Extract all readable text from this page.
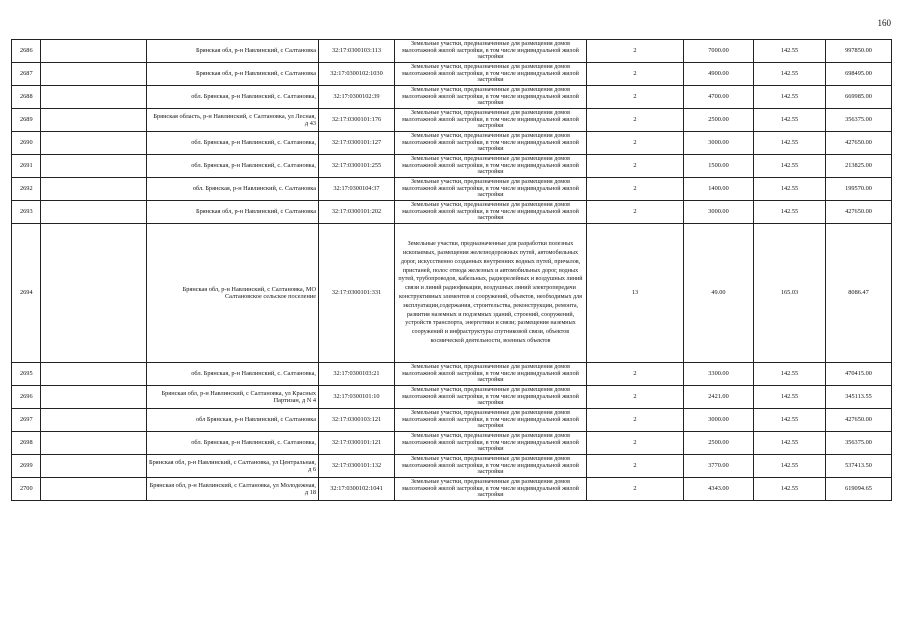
160
2686		Брянская обл, р-н Навлинский, с Салтановка	32:17:0300103:113	Земельные участки, предназначенные для размещения домов малоэтажной жилой застройки, в том числе индивидуальной жилой застройки	2	7000.00	142.55	997850.00
2687		Брянская обл, р-н Навлинский, с Салтановка	32:17:0300102:1030	Земельные участки, предназначенные для размещения домов малоэтажной жилой застройки, в том числе индивидуальной жилой застройки	2	4900.00	142.55	698495.00
2688		обл. Брянская, р-н Навлинский, с. Салтановка,	32:17:0300102:39	Земельные участки, предназначенные для размещения домов малоэтажной жилой застройки, в том числе индивидуальной жилой застройки	2	4700.00	142.55	669985.00
2689		Брянская область, р-н Навлинский, с Салтановка, ул Лесная, д 43	32:17:0300101:176	Земельные участки, предназначенные для размещения домов малоэтажной жилой застройки, в том числе индивидуальной жилой застройки	2	2500.00	142.55	356375.00
2690		обл. Брянская, р-н Навлинский, с. Салтановка,	32:17:0300101:127	Земельные участки, предназначенные для размещения домов малоэтажной жилой застройки, в том числе индивидуальной жилой застройки	2	3000.00	142.55	427650.00
2691		обл. Брянская, р-н Навлинский, с. Салтановка,	32:17:0300101:255	Земельные участки, предназначенные для размещения домов малоэтажной жилой застройки, в том числе индивидуальной жилой застройки	2	1500.00	142.55	213825.00
2692		обл. Брянская, р-н Навлинский, с. Салтановка	32:17:0300104:37	Земельные участки, предназначенные для размещения домов малоэтажной жилой застройки, в том числе индивидуальной жилой застройки	2	1400.00	142.55	199570.00
2693		Брянская обл, р-н Навлинский, с Салтановка	32:17:0300101:202	Земельные участки, предназначенные для размещения домов малоэтажной жилой застройки, в том числе индивидуальной жилой застройки	2	3000.00	142.55	427650.00
2694		Брянская обл, р-н Навлинский, с Салтановка, МО Салтановское сельское поселение	32:17:0300101:331	Земельные участки, предназначенные для разработки полезных ископаемых, размещения железнодорожных путей, автомобильных дорог, искусственно созданных внутренних водных путей, причалов, пристаней, полос отвода железных и автомобильных дорог, водных путей, трубопроводов, кабельных, радиорелейных и воздушных линий связи и линий радиофикации, воздушных линий электропередачи конструктивных элементов и сооружений, объектов, необходимых для эксплуатации,содержания, строительства, реконструкции, ремонта, развития наземных и подземных зданий, строений, сооружений, устройств транспорта, энергетики и связи; размещения наземных сооружений и инфраструктуры спутниковой связи, объектов космической деятельности, военных объектов	13	49.00	165.03	8086.47
2695		обл. Брянская, р-н Навлинский, с. Салтановка,	32:17:0300103:21	Земельные участки, предназначенные для размещения домов малоэтажной жилой застройки, в том числе индивидуальной жилой застройки	2	3300.00	142.55	470415.00
2696		Брянская обл, р-н Навлинский, с Салтановка, ул Красных Партизан, д N 4	32:17:0300101:10	Земельные участки, предназначенные для размещения домов малоэтажной жилой застройки, в том числе индивидуальной жилой застройки	2	2421.00	142.55	345113.55
2697		обл Брянская, р-н Навлинский, с Салтановка	32:17:0300103:121	Земельные участки, предназначенные для размещения домов малоэтажной жилой застройки, в том числе индивидуальной жилой застройки	2	3000.00	142.55	427650.00
2698		обл. Брянская, р-н Навлинский, с. Салтановка,	32:17:0300101:121	Земельные участки, предназначенные для размещения домов малоэтажной жилой застройки, в том числе индивидуальной жилой застройки	2	2500.00	142.55	356375.00
2699		Брянская обл, р-н Навлинский, с Салтановка, ул Центральная, д 6	32:17:0300101:132	Земельные участки, предназначенные для размещения домов малоэтажной жилой застройки, в том числе индивидуальной жилой застройки	2	3770.00	142.55	537413.50
2700		Брянская обл, р-н Навлинский, с Салтановка, ул Молодежная, д 18	32:17:0300102:1041	Земельные участки, предназначенные для размещения домов малоэтажной жилой застройки, в том числе индивидуальной жилой застройки	2	4343.00	142.55	619094.65
